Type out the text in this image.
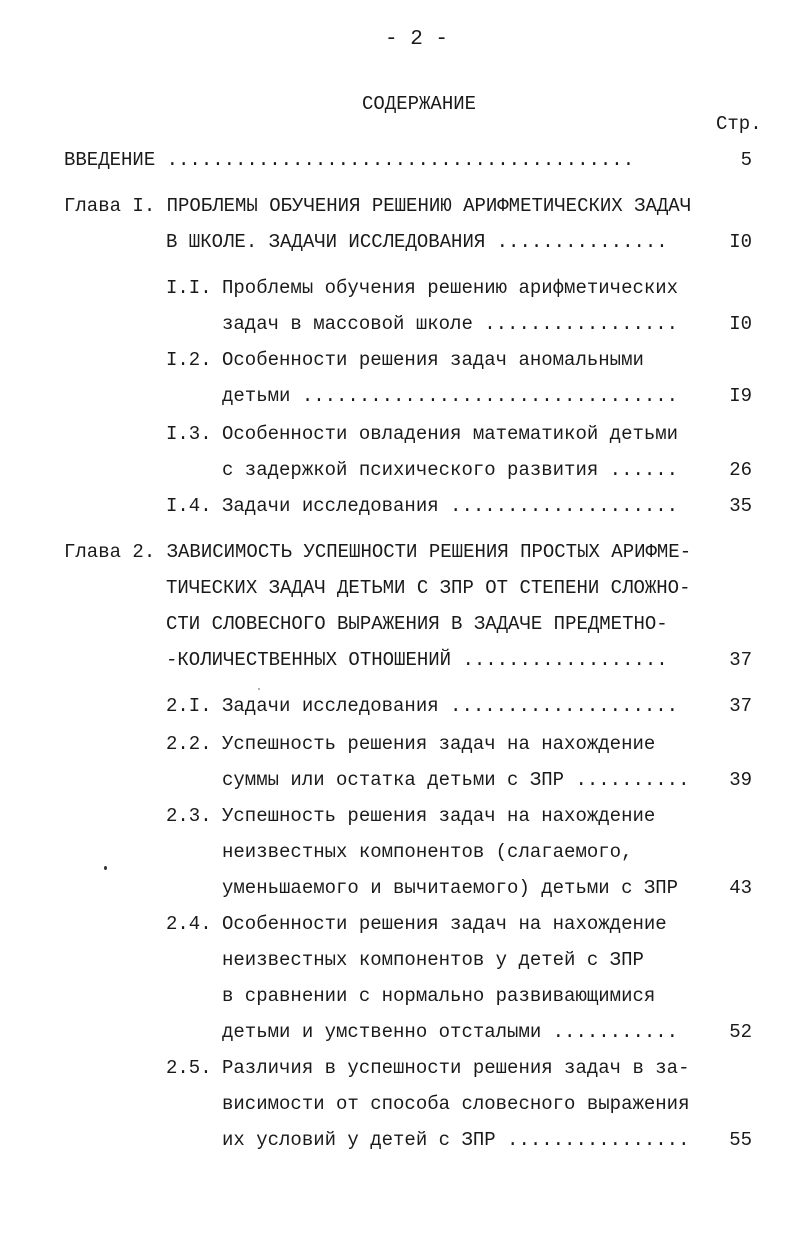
- 2 -
СОДЕРЖАНИЕ
Стр.
ВВЕДЕНИЕ .........................................	5
Глава I. ПРОБЛЕМЫ ОБУЧЕНИЯ РЕШЕНИЮ АРИФМЕТИЧЕСКИХ ЗАДАЧ
В ШКОЛЕ. ЗАДАЧИ ИССЛЕДОВАНИЯ ...............	I0
I.I. Проблемы обучения решению арифметических
задач в массовой школе .................	I0
I.2. Особенности решения задач аномальными
детьми .................................	I9
I.3. Особенности овладения математикой детьми
с задержкой психического развития ......	26
I.4. Задачи исследования ....................	35
Глава 2. ЗАВИСИМОСТЬ УСПЕШНОСТИ РЕШЕНИЯ ПРОСТЫХ АРИФМЕ-
ТИЧЕСКИХ ЗАДАЧ ДЕТЬМИ С ЗПР ОТ СТЕПЕНИ СЛОЖНО-
СТИ СЛОВЕСНОГО ВЫРАЖЕНИЯ В ЗАДАЧЕ ПРЕДМЕТНО-
-КОЛИЧЕСТВЕННЫХ ОТНОШЕНИЙ ..................	37
2.I. Задачи исследования ....................	37
2.2. Успешность решения задач на нахождение
суммы или остатка детьми с ЗПР ..........	39
2.3. Успешность решения задач на нахождение
неизвестных компонентов (слагаемого,
уменьшаемого и вычитаемого) детьми с ЗПР	43
2.4. Особенности решения задач на нахождение
неизвестных компонентов у детей с ЗПР
в сравнении с нормально развивающимися
детьми и умственно отсталыми ...........	52
2.5. Различия в успешности решения задач в за-
висимости от способа словесного выражения
их условий у детей с ЗПР ................	55
